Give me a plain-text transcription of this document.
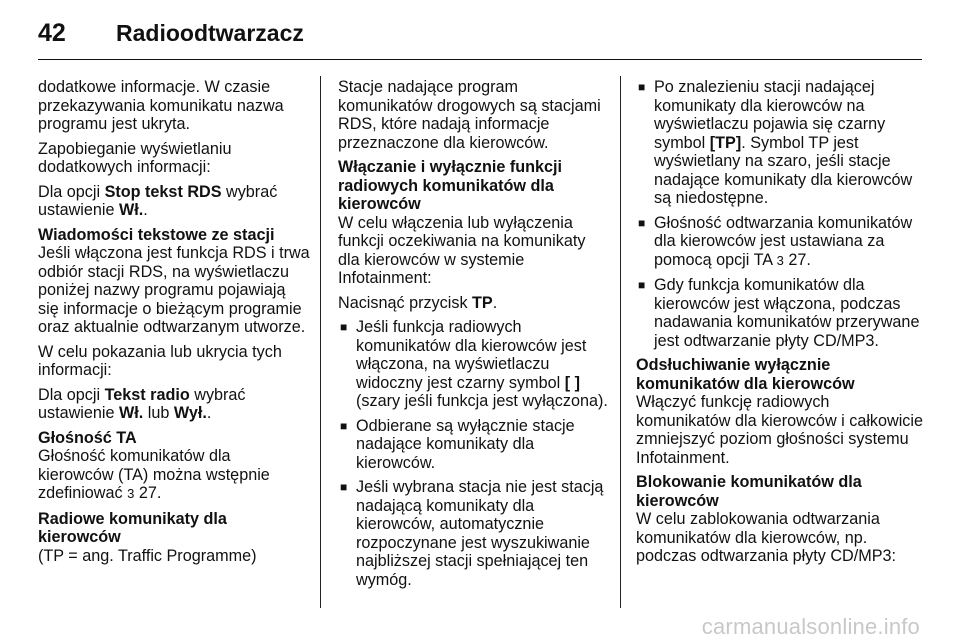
42	Radioodtwarzacz

dodatkowe informacje. W czasie przekazywania komunikatu nazwa programu jest ukryta.

Zapobieganie wyświetlaniu dodatkowych informacji:

Dla opcji Stop tekst RDS wybrać ustawienie Wł..

Wiadomości tekstowe ze stacji

Jeśli włączona jest funkcja RDS i trwa odbiór stacji RDS, na wyświetlaczu poniżej nazwy programu pojawiają się informacje o bieżącym programie oraz aktualnie odtwarzanym utworze.

W celu pokazania lub ukrycia tych informacji:

Dla opcji Tekst radio wybrać ustawienie Wł. lub Wył..

Głośność TA

Głośność komunikatów dla kierowców (TA) można wstępnie zdefiniować 3 27.

Radiowe komunikaty dla kierowców

(TP = ang. Traffic Programme)

Stacje nadające program komunikatów drogowych są stacjami RDS, które nadają informacje przeznaczone dla kierowców.

Włączanie i wyłącznie funkcji radiowych komunikatów dla kierowców

W celu włączenia lub wyłączenia funkcji oczekiwania na komunikaty dla kierowców w systemie Infotainment:

Nacisnąć przycisk TP.

■ Jeśli funkcja radiowych komunikatów dla kierowców jest włączona, na wyświetlaczu widoczny jest czarny symbol [ ] (szary jeśli funkcja jest wyłączona).
■ Odbierane są wyłącznie stacje nadające komunikaty dla kierowców.
■ Jeśli wybrana stacja nie jest stacją nadającą komunikaty dla kierowców, automatycznie rozpoczynane jest wyszukiwanie najbliższej stacji spełniającej ten wymóg.
■ Po znalezieniu stacji nadającej komunikaty dla kierowców na wyświetlaczu pojawia się czarny symbol [TP]. Symbol TP jest wyświetlany na szaro, jeśli stacje nadające komunikaty dla kierowców są niedostępne.
■ Głośność odtwarzania komunikatów dla kierowców jest ustawiana za pomocą opcji TA 3 27.
■ Gdy funkcja komunikatów dla kierowców jest włączona, podczas nadawania komunikatów przerywane jest odtwarzanie płyty CD/MP3.
Odsłuchiwanie wyłącznie komunikatów dla kierowców

Włączyć funkcję radiowych komunikatów dla kierowców i całkowicie zmniejszyć poziom głośności systemu Infotainment.

Blokowanie komunikatów dla kierowców

W celu zablokowania odtwarzania komunikatów dla kierowców, np. podczas odtwarzania płyty CD/MP3:

carmanualsonline.info
